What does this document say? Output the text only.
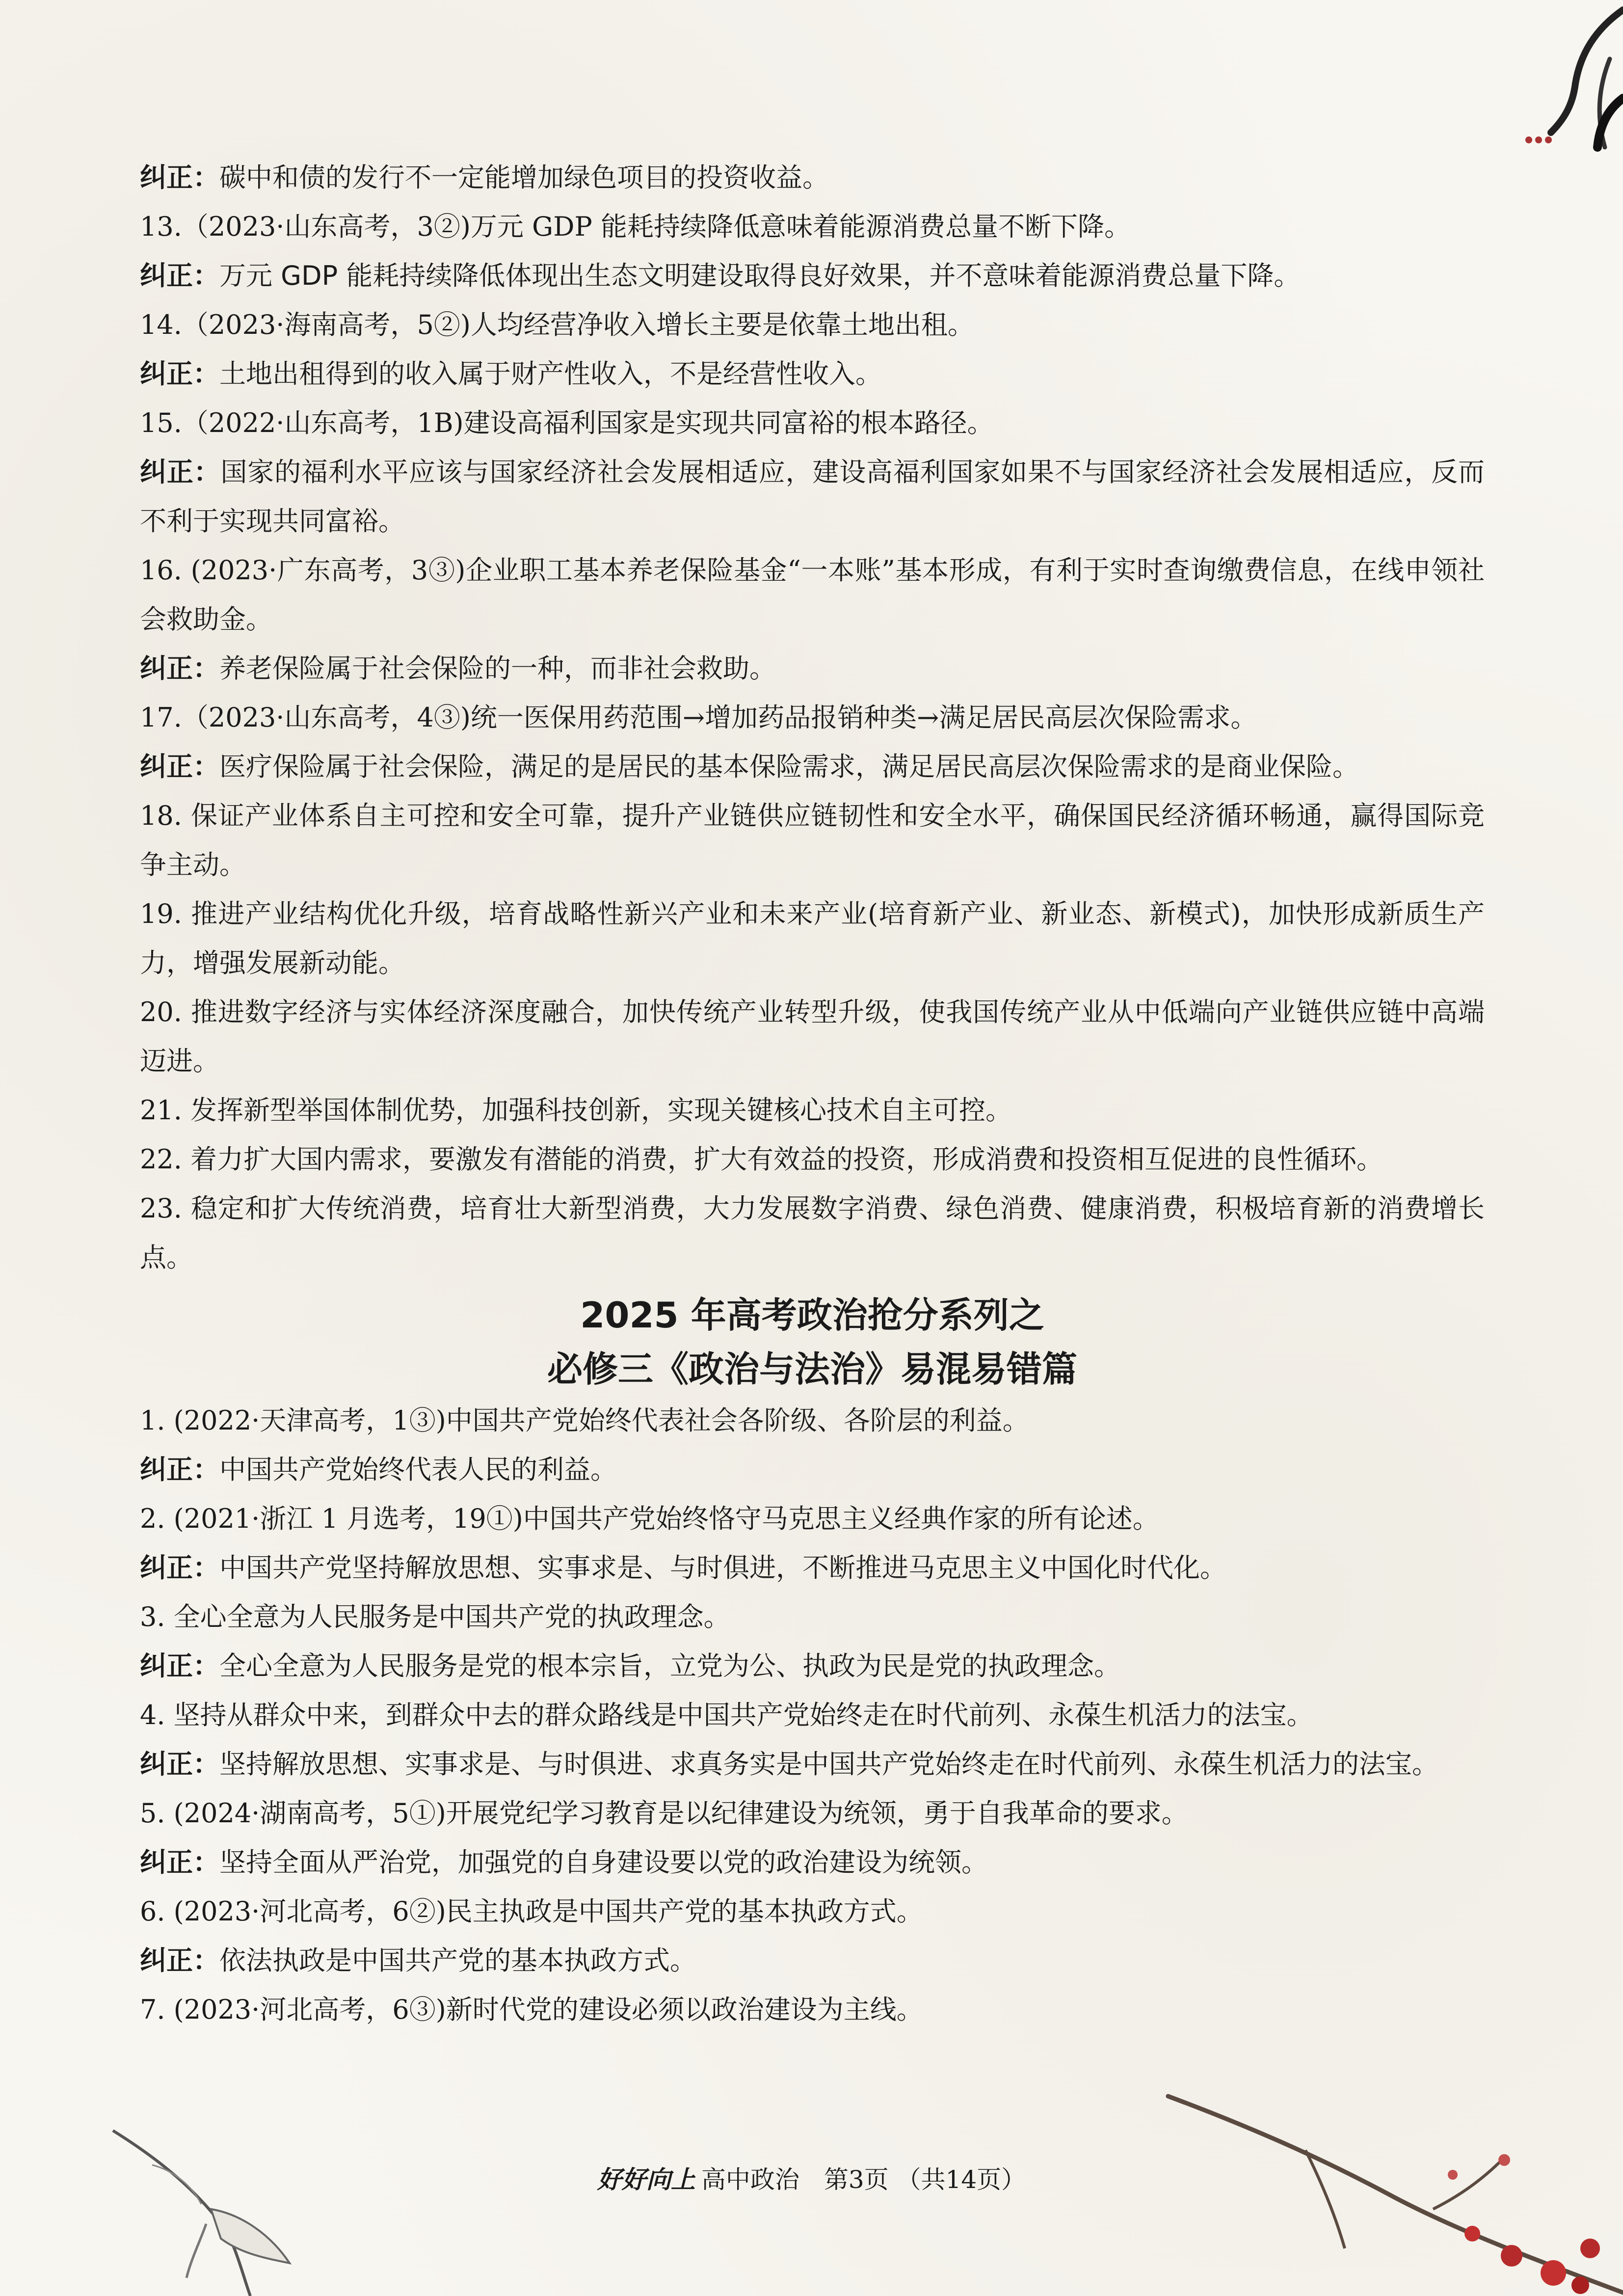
纠正：碳中和债的发行不一定能增加绿色项目的投资收益。

13.（2023·山东高考，3②)万元 GDP 能耗持续降低意味着能源消费总量不断下降。

纠正：万元 GDP 能耗持续降低体现出生态文明建设取得良好效果，并不意味着能源消费总量下降。

14.（2023·海南高考，5②)人均经营净收入增长主要是依靠土地出租。

纠正：土地出租得到的收入属于财产性收入，不是经营性收入。

15.（2022·山东高考，1B)建设高福利国家是实现共同富裕的根本路径。

纠正：国家的福利水平应该与国家经济社会发展相适应，建设高福利国家如果不与国家经济社会发展相适应，反而不利于实现共同富裕。

16. (2023·广东高考，3③)企业职工基本养老保险基金“一本账”基本形成，有利于实时查询缴费信息，在线申领社会救助金。

纠正：养老保险属于社会保险的一种，而非社会救助。

17.（2023·山东高考，4③)统一医保用药范围→增加药品报销种类→满足居民高层次保险需求。

纠正：医疗保险属于社会保险，满足的是居民的基本保险需求，满足居民高层次保险需求的是商业保险。

18. 保证产业体系自主可控和安全可靠，提升产业链供应链韧性和安全水平，确保国民经济循环畅通，赢得国际竞争主动。

19. 推进产业结构优化升级，培育战略性新兴产业和未来产业(培育新产业、新业态、新模式)，加快形成新质生产力，增强发展新动能。

20. 推进数字经济与实体经济深度融合，加快传统产业转型升级，使我国传统产业从中低端向产业链供应链中高端迈进。

21. 发挥新型举国体制优势，加强科技创新，实现关键核心技术自主可控。

22. 着力扩大国内需求，要激发有潜能的消费，扩大有效益的投资，形成消费和投资相互促进的良性循环。

23. 稳定和扩大传统消费，培育壮大新型消费，大力发展数字消费、绿色消费、健康消费，积极培育新的消费增长点。

2025 年高考政治抢分系列之

必修三《政治与法治》易混易错篇

1. (2022·天津高考，1③)中国共产党始终代表社会各阶级、各阶层的利益。

纠正：中国共产党始终代表人民的利益。

2. (2021·浙江 1 月选考，19①)中国共产党始终恪守马克思主义经典作家的所有论述。

纠正：中国共产党坚持解放思想、实事求是、与时俱进，不断推进马克思主义中国化时代化。

3. 全心全意为人民服务是中国共产党的执政理念。

纠正：全心全意为人民服务是党的根本宗旨，立党为公、执政为民是党的执政理念。

4. 坚持从群众中来，到群众中去的群众路线是中国共产党始终走在时代前列、永葆生机活力的法宝。

纠正：坚持解放思想、实事求是、与时俱进、求真务实是中国共产党始终走在时代前列、永葆生机活力的法宝。

5. (2024·湖南高考，5①)开展党纪学习教育是以纪律建设为统领，勇于自我革命的要求。

纠正：坚持全面从严治党，加强党的自身建设要以党的政治建设为统领。

6. (2023·河北高考，6②)民主执政是中国共产党的基本执政方式。

纠正：依法执政是中国共产党的基本执政方式。

7. (2023·河北高考，6③)新时代党的建设必须以政治建设为主线。

好好向上 高中政治　第3页 （共14页）
